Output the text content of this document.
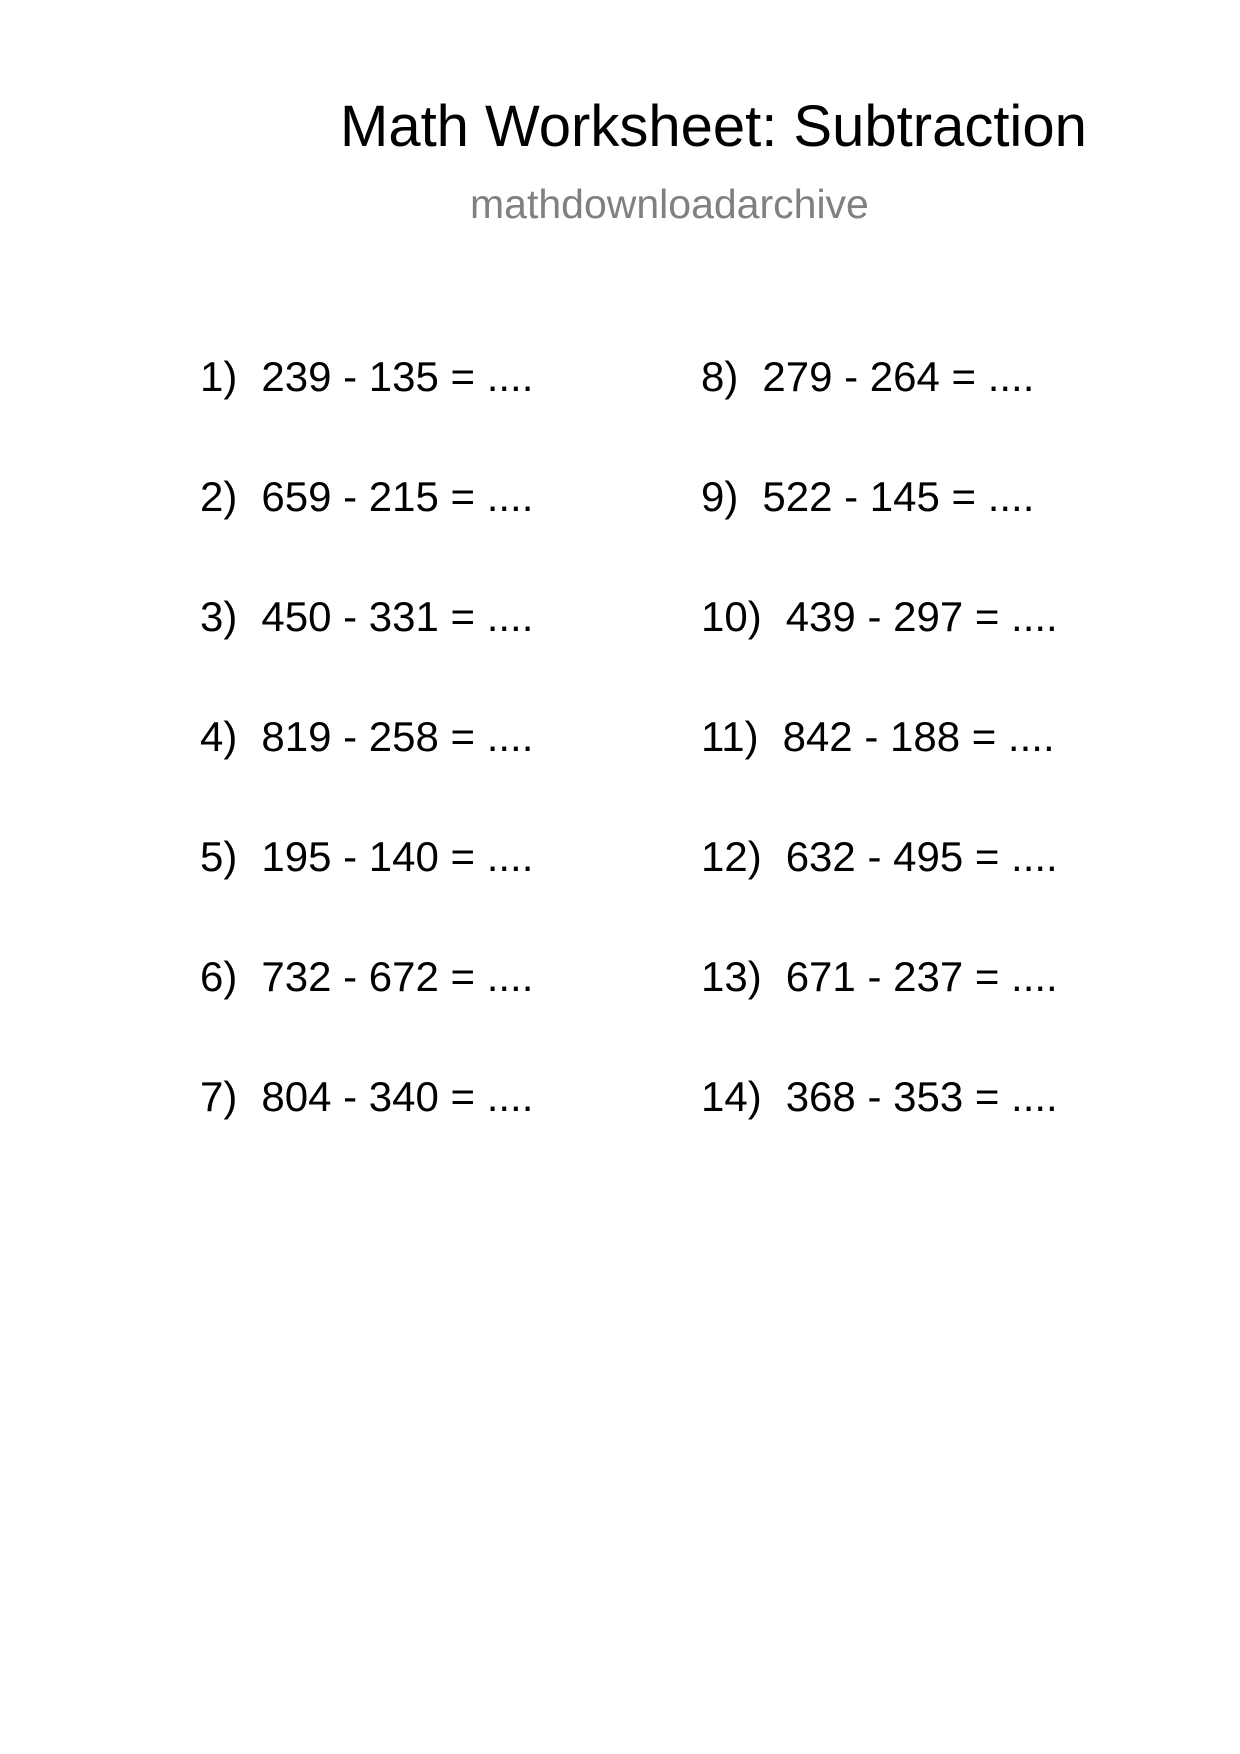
Math Worksheet: Subtraction
mathdownloadarchive
1) 239 - 135 = ....
2) 659 - 215 = ....
3) 450 - 331 = ....
4) 819 - 258 = ....
5) 195 - 140 = ....
6) 732 - 672 = ....
7) 804 - 340 = ....
8) 279 - 264 = ....
9) 522 - 145 = ....
10) 439 - 297 = ....
11) 842 - 188 = ....
12) 632 - 495 = ....
13) 671 - 237 = ....
14) 368 - 353 = ....
